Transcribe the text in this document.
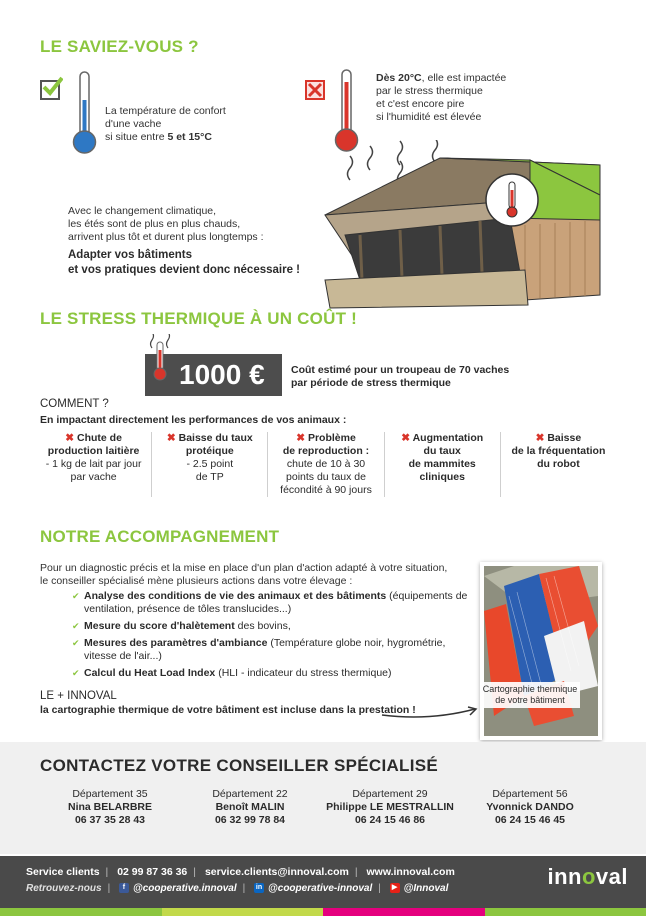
LE SAVIEZ-VOUS ?
La température de confort
d'une vache
si situe entre 5 et 15°C
Dès 20°C, elle est impactée
par le stress thermique
et c'est encore pire
si l'humidité est élevée
Avec le changement climatique,
les étés sont de plus en plus chauds,
arrivent plus tôt et durent plus longtemps :
Adapter vos bâtiments
et vos pratiques devient donc nécessaire !
LE STRESS THERMIQUE À UN COÛT !
1000 €	Coût estimé pour un troupeau de 70 vaches
par période de stress thermique
COMMENT ?
En impactant directement les performances de vos animaux :
✖ Chute de
production laitière
- 1 kg de lait par jour
par vache
✖ Baisse du taux
protéique
- 2.5 point
de TP
✖ Problème
de reproduction :
chute de 10 à 30
points du taux de
fécondité à 90 jours
✖ Augmentation
du taux
de mammites
cliniques
✖ Baisse
de la fréquentation
du robot
NOTRE ACCOMPAGNEMENT
Pour un diagnostic précis et la mise en place d'un plan d'action adapté à votre situation,
le conseiller spécialisé mène plusieurs actions dans votre élevage :
✔ Analyse des conditions de vie des animaux et des bâtiments (équipements de ventilation, présence de tôles translucides...)
✔ Mesure du score d'halètement des bovins,
✔ Mesures des paramètres d'ambiance (Température globe noir, hygrométrie, vitesse de l'air...)
✔ Calcul du Heat Load Index (HLI - indicateur du stress thermique)
LE + INNOVAL
la cartographie thermique de votre bâtiment est incluse dans la prestation !
Cartographie thermique
de votre bâtiment
CONTACTEZ VOTRE CONSEILLER SPÉCIALISÉ
Département 35
Nina BELARBRE
06 37 35 28 43
Département 22
Benoît MALIN
06 32 99 78 84
Département 29
Philippe LE MESTRALLIN
06 24 15 46 86
Département 56
Yvonnick DANDO
06 24 15 46 45
Service clients | 02 99 87 36 36 | service.clients@innoval.com | www.innoval.com
Retrouvez-nous | f @cooperative.innoval | in @cooperative-innoval | ▶ @Innoval	innoval
